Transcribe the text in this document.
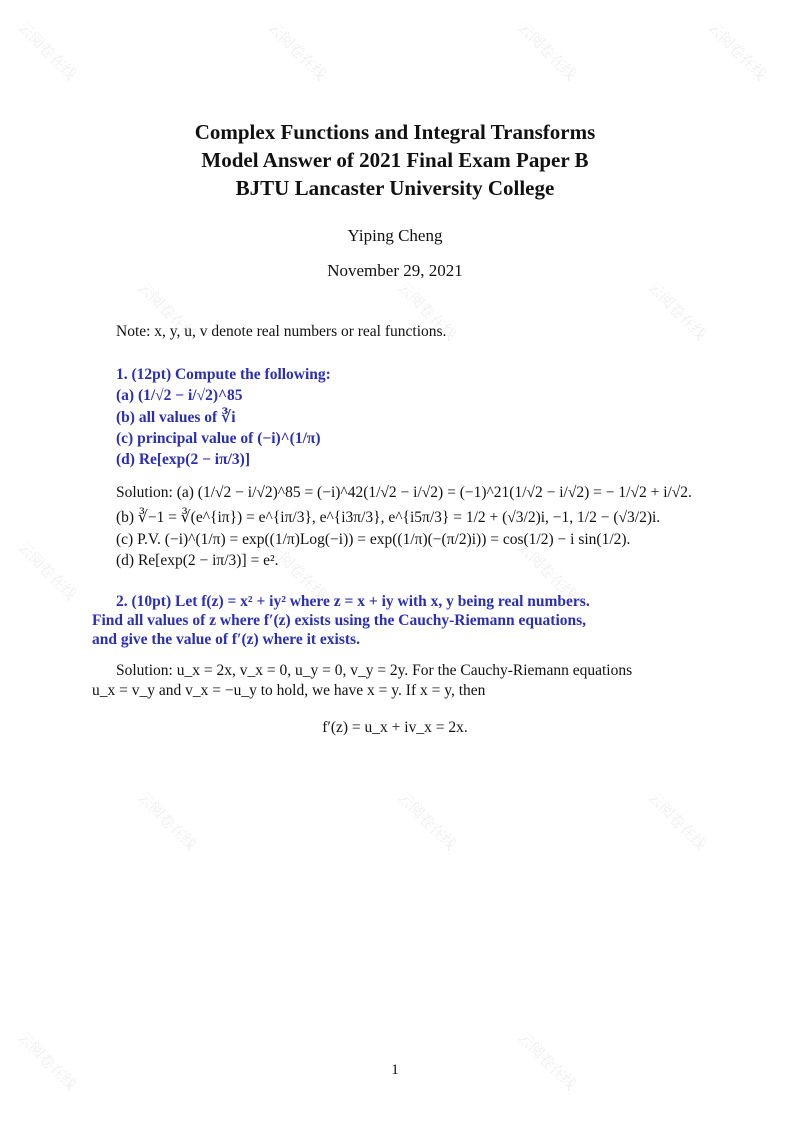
云阅卷在线	云阅卷在线	云阅卷在线	云阅卷在线
云阅卷在线	云阅卷在线	云阅卷在线
云阅卷在线	云阅卷在线	云阅卷在线
云阅卷在线	云阅卷在线	云阅卷在线
云阅卷在线	云阅卷在线
Complex Functions and Integral Transforms
Model Answer of 2021 Final Exam Paper B
BJTU Lancaster University College
Yiping Cheng
November 29, 2021
Note: x, y, u, v denote real numbers or real functions.
1. (12pt) Compute the following:
(a) (1/√2 − i/√2)^85
(b) all values of ∛i
(c) principal value of (−i)^(1/π)
(d) Re[exp(2 − iπ/3)]
Solution: (a) (1/√2 − i/√2)^85 = (−i)^42(1/√2 − i/√2) = (−1)^21(1/√2 − i/√2) = − 1/√2 + i/√2.
(b) ∛−1 = ∛(e^{iπ}) = e^{iπ/3}, e^{i3π/3}, e^{i5π/3} = 1/2 + (√3/2)i, −1, 1/2 − (√3/2)i.
(c) P.V. (−i)^(1/π) = exp((1/π)Log(−i)) = exp((1/π)(−(π/2)i)) = cos(1/2) − i sin(1/2).
(d) Re[exp(2 − iπ/3)] = e².
2. (10pt) Let f(z) = x² + iy² where z = x + iy with x, y being real numbers.
Find all values of z where f′(z) exists using the Cauchy-Riemann equations,
and give the value of f′(z) where it exists.
Solution: u_x = 2x, v_x = 0, u_y = 0, v_y = 2y. For the Cauchy-Riemann equations
u_x = v_y and v_x = −u_y to hold, we have x = y. If x = y, then
f′(z) = u_x + iv_x = 2x.
1
